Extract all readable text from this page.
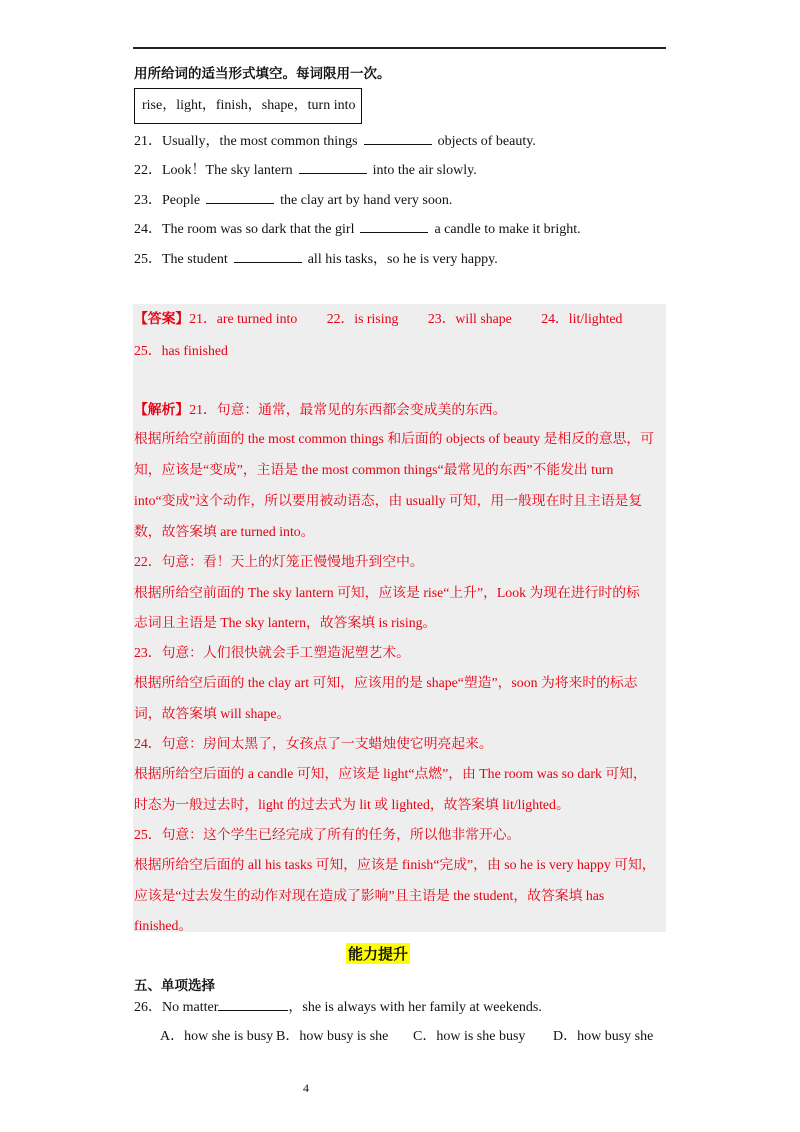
用所给词的适当形式填空。每词限用一次。
rise，light，finish，shape，turn into
21．Usually，the most common things	objects of beauty.
22．Look！The sky lantern	into the air slowly.
23．People	the clay art by hand very soon.
24．The room was so dark that the girl	a candle to make it bright.
25．The student	all his tasks，so he is very happy.
【答案】21．are turned into 22．is rising 23．will shape 24．lit/lighted
25．has finished
【解析】21．句意：通常，最常见的东西都会变成美的东西。
根据所给空前面的 the most common things 和后面的 objects of beauty 是相反的意思，可
知，应该是“变成”，主语是 the most common things“最常见的东西”不能发出 turn
into“变成”这个动作，所以要用被动语态，由 usually 可知，用一般现在时且主语是复
数，故答案填 are turned into。
22．句意：看！天上的灯笼正慢慢地升到空中。
根据所给空前面的 The sky lantern 可知，应该是 rise“上升”，Look 为现在进行时的标
志词且主语是 The sky lantern，故答案填 is rising。
23．句意：人们很快就会手工塑造泥塑艺术。
根据所给空后面的 the clay art 可知，应该用的是 shape“塑造”，soon 为将来时的标志
词，故答案填 will shape。
24．句意：房间太黑了，女孩点了一支蜡烛使它明亮起来。
根据所给空后面的 a candle 可知，应该是 light“点燃”，由 The room was so dark 可知，
时态为一般过去时，light 的过去式为 lit 或 lighted，故答案填 lit/lighted。
25．句意：这个学生已经完成了所有的任务，所以他非常开心。
根据所给空后面的 all his tasks 可知，应该是 finish“完成”，由 so he is very happy 可知，
应该是“过去发生的动作对现在造成了影响”且主语是 the student，故答案填 has
finished。
能力提升
五、单项选择
26．No matter	，she is always with her family at weekends.
A．how she is busy B．how busy is she C．how is she busy D．how busy she
4
